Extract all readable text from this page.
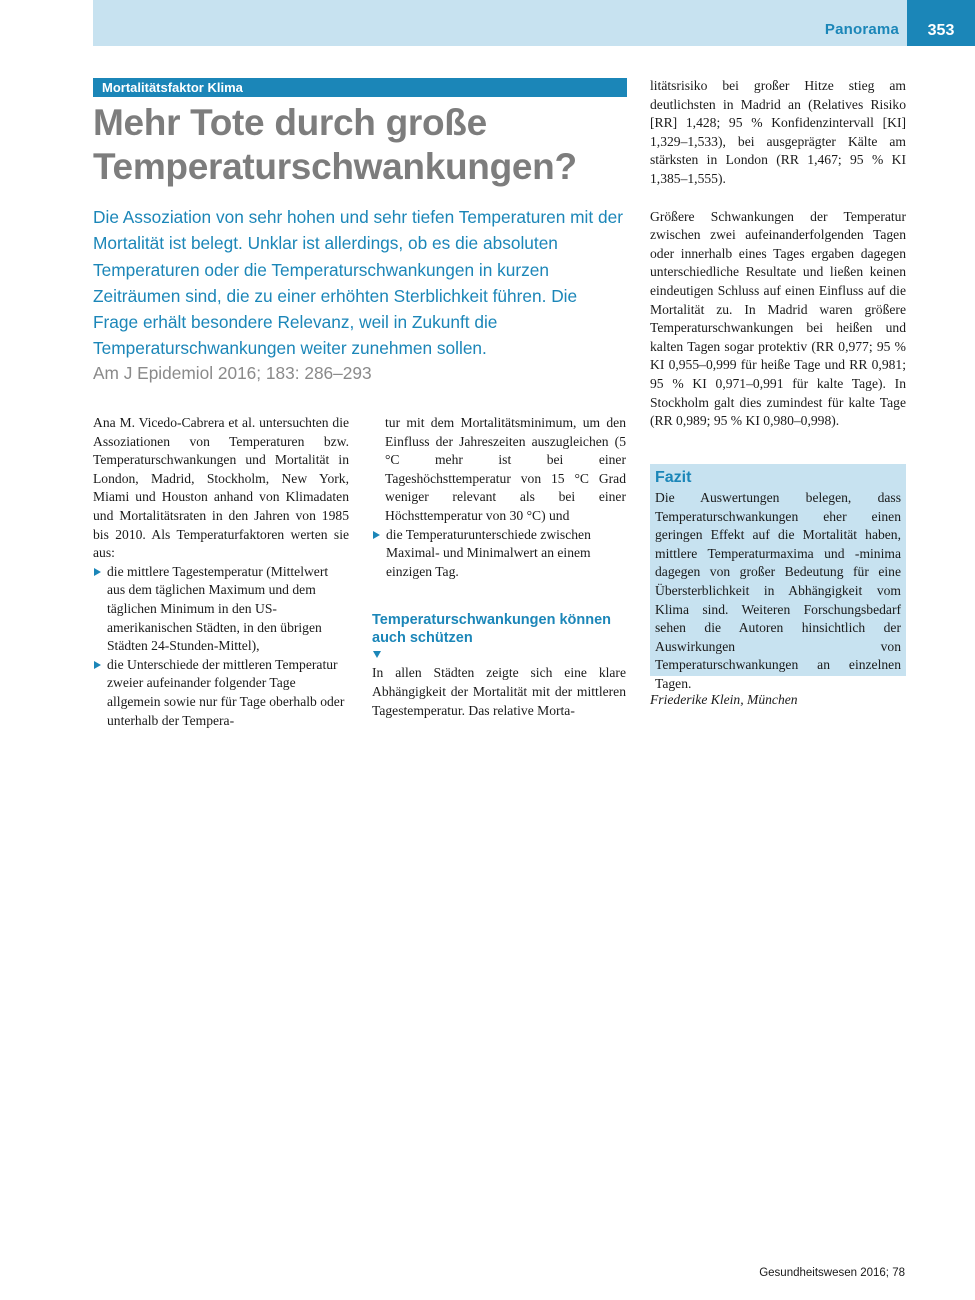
Panorama	353
Mortalitätsfaktor Klima
Mehr Tote durch große Temperaturschwankungen?

Die Assoziation von sehr hohen und sehr tiefen Temperaturen mit der Mortalität ist belegt. Unklar ist allerdings, ob es die absoluten Temperaturen oder die Temperaturschwankungen in kurzen Zeiträumen sind, die zu einer erhöhten Sterblichkeit führen. Die Frage erhält besondere Relevanz, weil in Zukunft die Temperaturschwankungen weiter zunehmen sollen.

Am J Epidemiol 2016; 183: 286–293

Ana M. Vicedo-Cabrera et al. untersuchten die Assoziationen von Temperaturen bzw. Temperaturschwankungen und Mortalität in London, Madrid, Stockholm, New York, Miami und Houston anhand von Klimadaten und Mortalitätsraten in den Jahren von 1985 bis 2010. Als Temperaturfaktoren werten sie aus:

die mittlere Tagestemperatur (Mittelwert aus dem täglichen Maximum und dem täglichen Minimum in den US-amerikanischen Städten, in den übrigen Städten 24-Stunden-Mittel),
die Unterschiede der mittleren Temperatur zweier aufeinander folgender Tage allgemein sowie nur für Tage oberhalb oder unterhalb der Tempera-

tur mit dem Mortalitätsminimum, um den Einfluss der Jahreszeiten auszugleichen (5 °C mehr ist bei einer Tageshöchsttemperatur von 15 °C Grad weniger relevant als bei einer Höchsttemperatur von 30 °C) und

die Temperaturunterschiede zwischen Maximal- und Minimalwert an einem einzigen Tag.
Temperaturschwankungen können auch schützen

In allen Städten zeigte sich eine klare Abhängigkeit der Mortalität mit der mittleren Tagestemperatur. Das relative Morta-

litätsrisiko bei großer Hitze stieg am deutlichsten in Madrid an (Relatives Risiko [RR] 1,428; 95 % Konfidenzintervall [KI] 1,329–1,533), bei ausgeprägter Kälte am stärksten in London (RR 1,467; 95 % KI 1,385–1,555).

Größere Schwankungen der Temperatur zwischen zwei aufeinanderfolgenden Tagen oder innerhalb eines Tages ergaben dagegen unterschiedliche Resultate und ließen keinen eindeutigen Schluss auf einen Einfluss auf die Mortalität zu. In Madrid waren größere Temperaturschwankungen bei heißen und kalten Tagen sogar protektiv (RR 0,977; 95 % KI 0,955–0,999 für heiße Tage und RR 0,981; 95 % KI 0,971–0,991 für kalte Tage). In Stockholm galt dies zumindest für kalte Tage (RR 0,989; 95 % KI 0,980–0,998).

Fazit

Die Auswertungen belegen, dass Temperaturschwankungen eher einen geringen Effekt auf die Mortalität haben, mittlere Temperaturmaxima und -minima dagegen von großer Bedeutung für eine Übersterblichkeit in Abhängigkeit vom Klima sind. Weiteren Forschungsbedarf sehen die Autoren hinsichtlich der Auswirkungen von Temperaturschwankungen an einzelnen Tagen.

Friederike Klein, München
Gesundheitswesen 2016; 78
